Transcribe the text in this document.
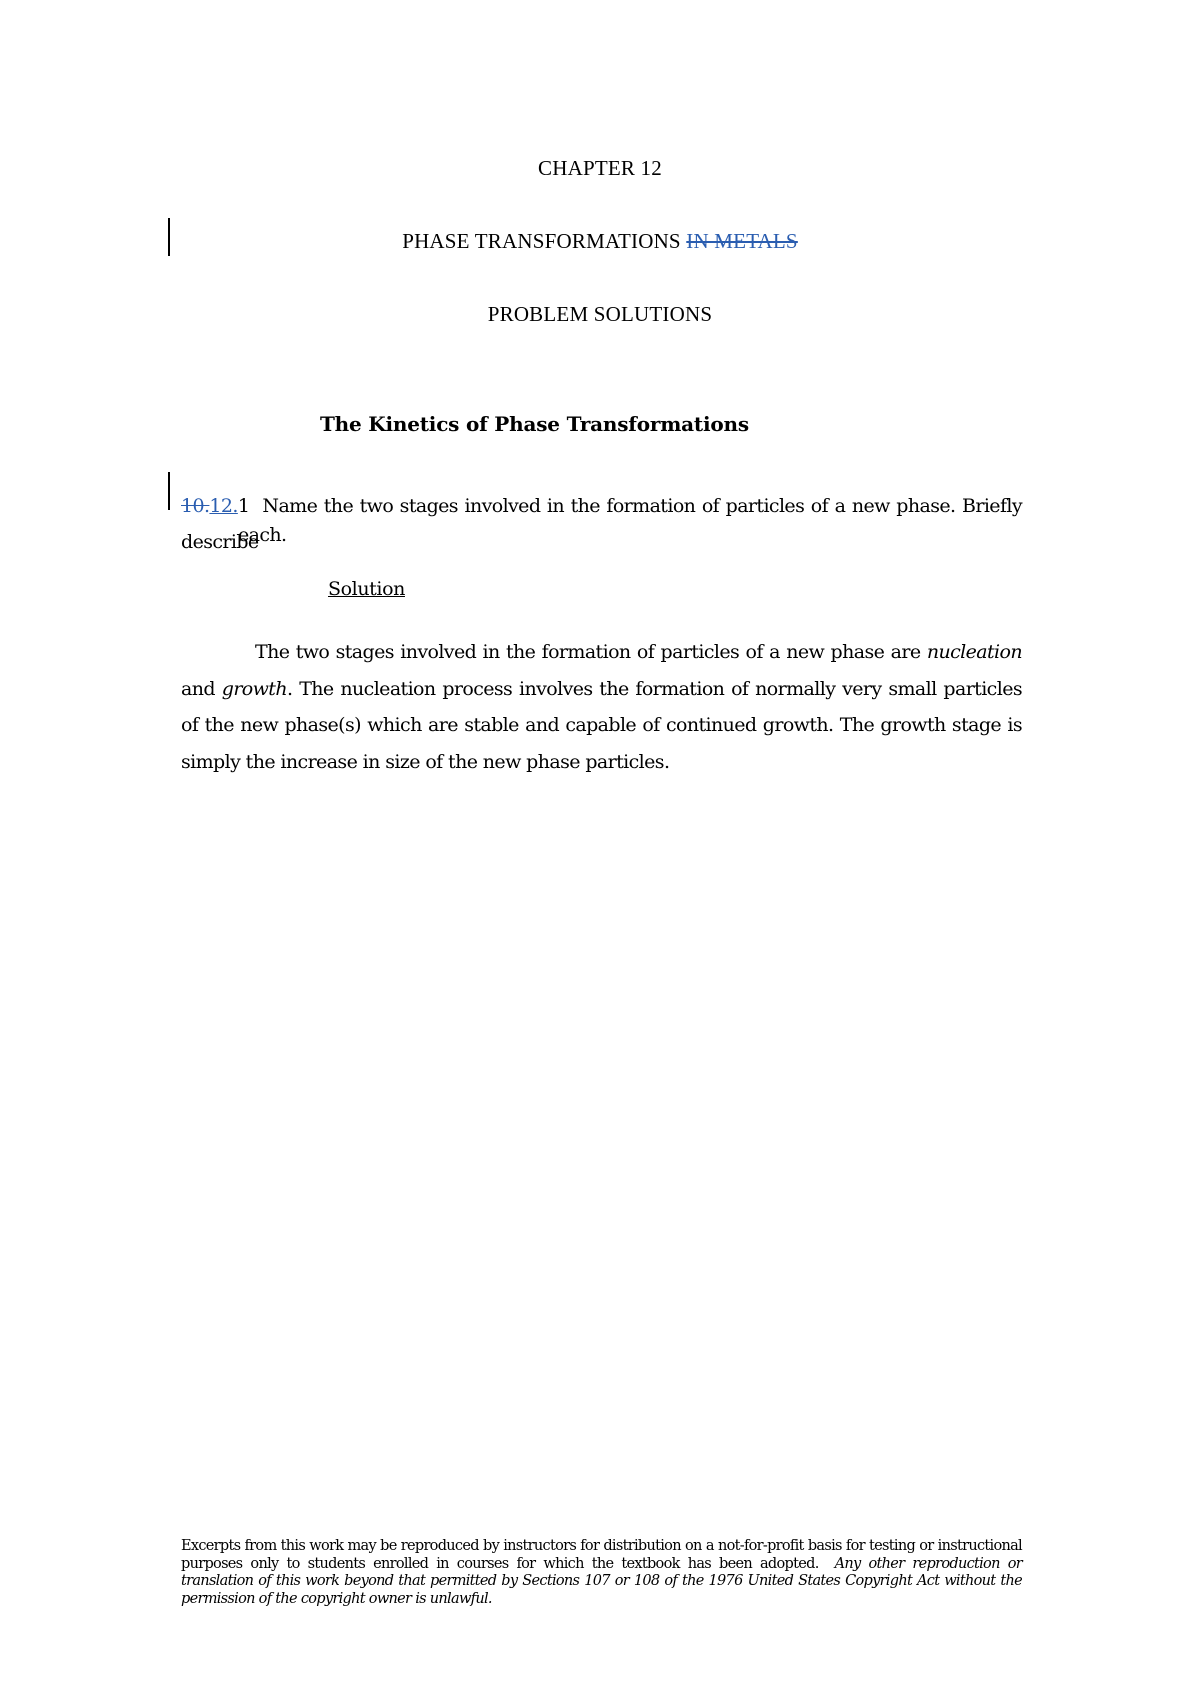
CHAPTER 12
PHASE TRANSFORMATIONS IN METALS
PROBLEM SOLUTIONS
The Kinetics of Phase Transformations
10.12.1 Name the two stages involved in the formation of particles of a new phase. Briefly describe
each.
Solution
The two stages involved in the formation of particles of a new phase are nucleation and growth. The nucleation process involves the formation of normally very small particles of the new phase(s) which are stable and capable of continued growth. The growth stage is simply the increase in size of the new phase particles.
Excerpts from this work may be reproduced by instructors for distribution on a not-for-profit basis for testing or instructional purposes only to students enrolled in courses for which the textbook has been adopted. Any other reproduction or translation of this work beyond that permitted by Sections 107 or 108 of the 1976 United States Copyright Act without the permission of the copyright owner is unlawful.
